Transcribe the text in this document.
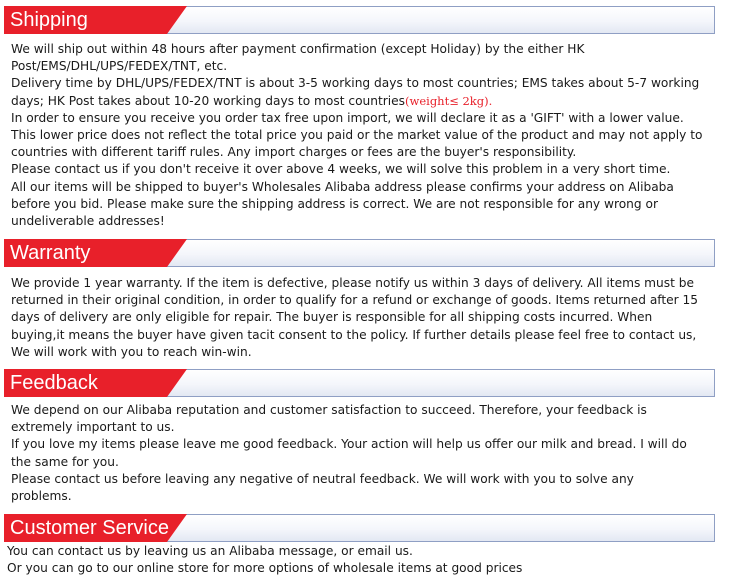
Shipping
We will ship out within 48 hours after payment confirmation (except Holiday) by the either HK
Post/EMS/DHL/UPS/FEDEX/TNT, etc.
Delivery time by DHL/UPS/FEDEX/TNT is about 3-5 working days to most countries; EMS takes about 5-7 working
days; HK Post takes about 10-20 working days to most countries(weight≤ 2kg).
In order to ensure you receive you order tax free upon import, we will declare it as a 'GIFT' with a lower value.
This lower price does not reflect the total price you paid or the market value of the product and may not apply to
countries with different tariff rules. Any import charges or fees are the buyer's responsibility.
Please contact us if you don't receive it over above 4 weeks, we will solve this problem in a very short time.
All our items will be shipped to buyer's Wholesales Alibaba address please confirms your address on Alibaba
before you bid. Please make sure the shipping address is correct. We are not responsible for any wrong or
undeliverable addresses!
Warranty
We provide 1 year warranty. If the item is defective, please notify us within 3 days of delivery. All items must be
returned in their original condition, in order to qualify for a refund or exchange of goods. Items returned after 15
days of delivery are only eligible for repair. The buyer is responsible for all shipping costs incurred. When
buying,it means the buyer have given tacit consent to the policy. If further details please feel free to contact us,
We will work with you to reach win-win.
Feedback
We depend on our Alibaba reputation and customer satisfaction to succeed. Therefore, your feedback is
extremely important to us.
If you love my items please leave me good feedback. Your action will help us offer our milk and bread. I will do
the same for you.
Please contact us before leaving any negative of neutral feedback. We will work with you to solve any
problems.
Customer Service
You can contact us by leaving us an Alibaba message, or email us.
Or you can go to our online store for more options of wholesale items at good prices
